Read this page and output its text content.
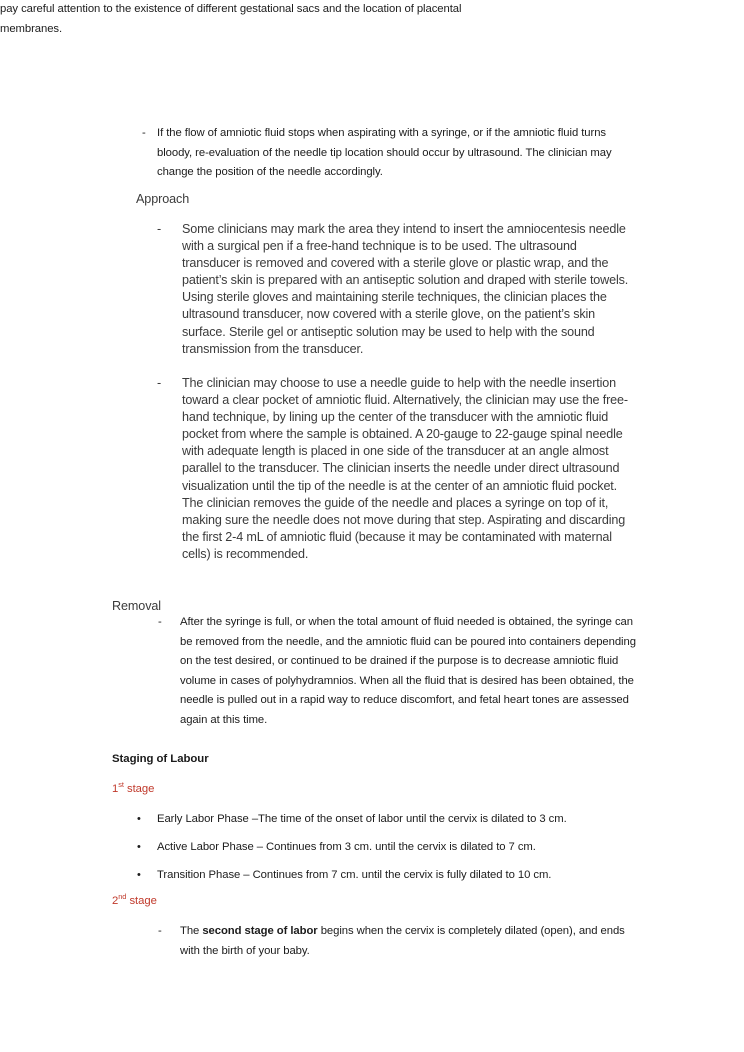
pay careful attention to the existence of different gestational sacs and the location of placental membranes.

- If the flow of amniotic fluid stops when aspirating with a syringe, or if the amniotic fluid turns bloody, re-evaluation of the needle tip location should occur by ultrasound. The clinician may change the position of the needle accordingly.
Approach
-	Some clinicians may mark the area they intend to insert the amniocentesis needle with a surgical pen if a free-hand technique is to be used. The ultrasound transducer is removed and covered with a sterile glove or plastic wrap, and the patient’s skin is prepared with an antiseptic solution and draped with sterile towels. Using sterile gloves and maintaining sterile techniques, the clinician places the ultrasound transducer, now covered with a sterile glove, on the patient’s skin surface. Sterile gel or antiseptic solution may be used to help with the sound transmission from the transducer.
-	The clinician may choose to use a needle guide to help with the needle insertion toward a clear pocket of amniotic fluid. Alternatively, the clinician may use the free-hand technique, by lining up the center of the transducer with the amniotic fluid pocket from where the sample is obtained. A 20-gauge to 22-gauge spinal needle with adequate length is placed in one side of the transducer at an angle almost parallel to the transducer. The clinician inserts the needle under direct ultrasound visualization until the tip of the needle is at the center of an amniotic fluid pocket. The clinician removes the guide of the needle and places a syringe on top of it, making sure the needle does not move during that step. Aspirating and discarding the first 2-4 mL of amniotic fluid (because it may be contaminated with maternal cells) is recommended.
Removal
-	After the syringe is full, or when the total amount of fluid needed is obtained, the syringe can be removed from the needle, and the amniotic fluid can be poured into containers depending on the test desired, or continued to be drained if the purpose is to decrease amniotic fluid volume in cases of polyhydramnios. When all the fluid that is desired has been obtained, the needle is pulled out in a rapid way to reduce discomfort, and fetal heart tones are assessed again at this time.
Staging of Labour
1st stage
•	Early Labor Phase –The time of the onset of labor until the cervix is dilated to 3 cm.
•	Active Labor Phase – Continues from 3 cm. until the cervix is dilated to 7 cm.
•	Transition Phase – Continues from 7 cm. until the cervix is fully dilated to 10 cm.
2nd stage
-	The second stage of labor begins when the cervix is completely dilated (open), and ends with the birth of your baby.
